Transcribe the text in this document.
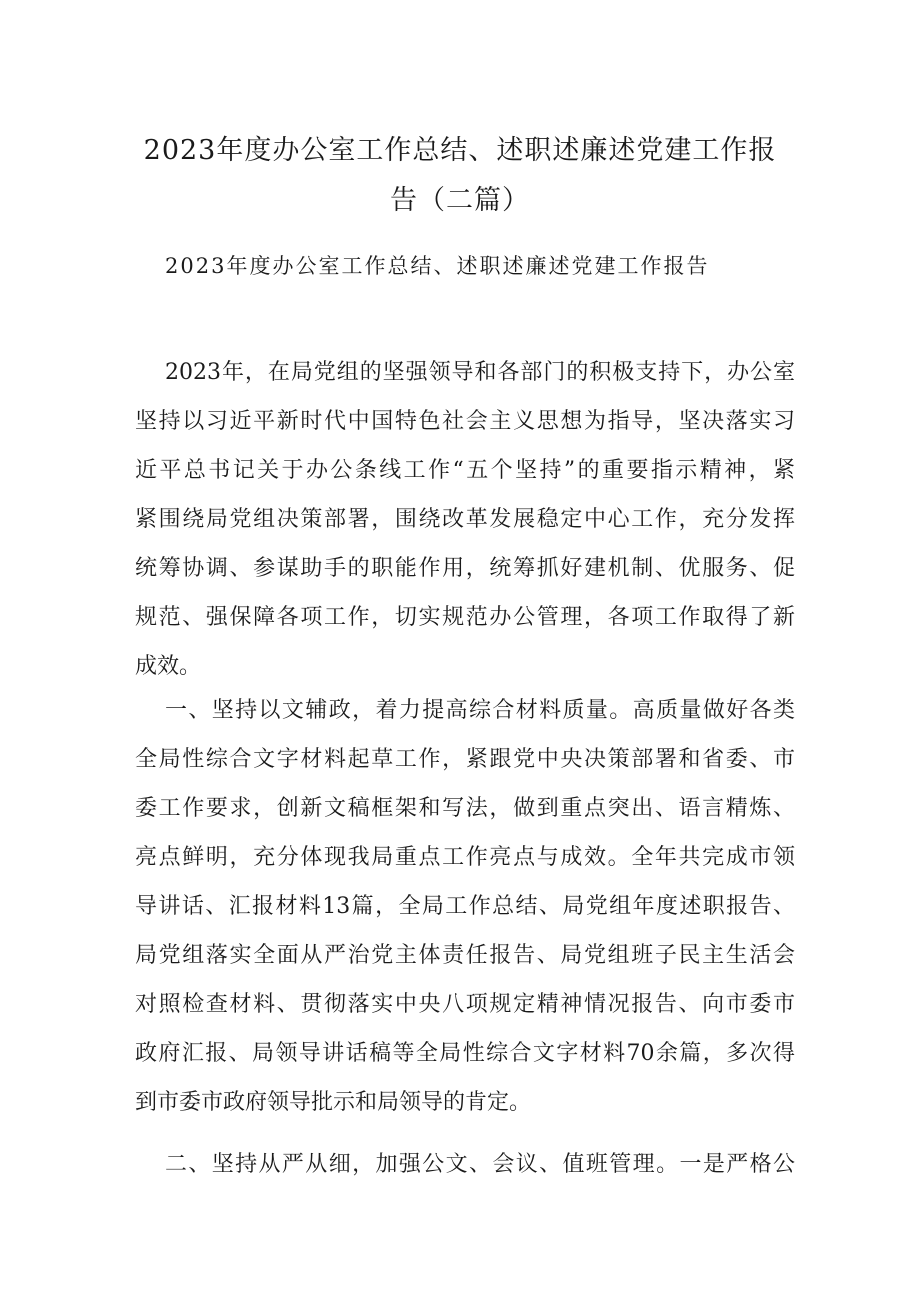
2023年度办公室工作总结、述职述廉述党建工作报
告（二篇）
2023年度办公室工作总结、述职述廉述党建工作报告
2023年，在局党组的坚强领导和各部门的积极支持下，办公室
坚持以习近平新时代中国特色社会主义思想为指导，坚决落实习
近平总书记关于办公条线工作“五个坚持”的重要指示精神，紧
紧围绕局党组决策部署，围绕改革发展稳定中心工作，充分发挥
统筹协调、参谋助手的职能作用，统筹抓好建机制、优服务、促
规范、强保障各项工作，切实规范办公管理，各项工作取得了新
成效。
一、坚持以文辅政，着力提高综合材料质量。高质量做好各类
全局性综合文字材料起草工作，紧跟党中央决策部署和省委、市
委工作要求，创新文稿框架和写法，做到重点突出、语言精炼、
亮点鲜明，充分体现我局重点工作亮点与成效。全年共完成市领
导讲话、汇报材料13篇，全局工作总结、局党组年度述职报告、
局党组落实全面从严治党主体责任报告、局党组班子民主生活会
对照检查材料、贯彻落实中央八项规定精神情况报告、向市委市
政府汇报、局领导讲话稿等全局性综合文字材料70余篇，多次得
到市委市政府领导批示和局领导的肯定。
二、坚持从严从细，加强公文、会议、值班管理。一是严格公
